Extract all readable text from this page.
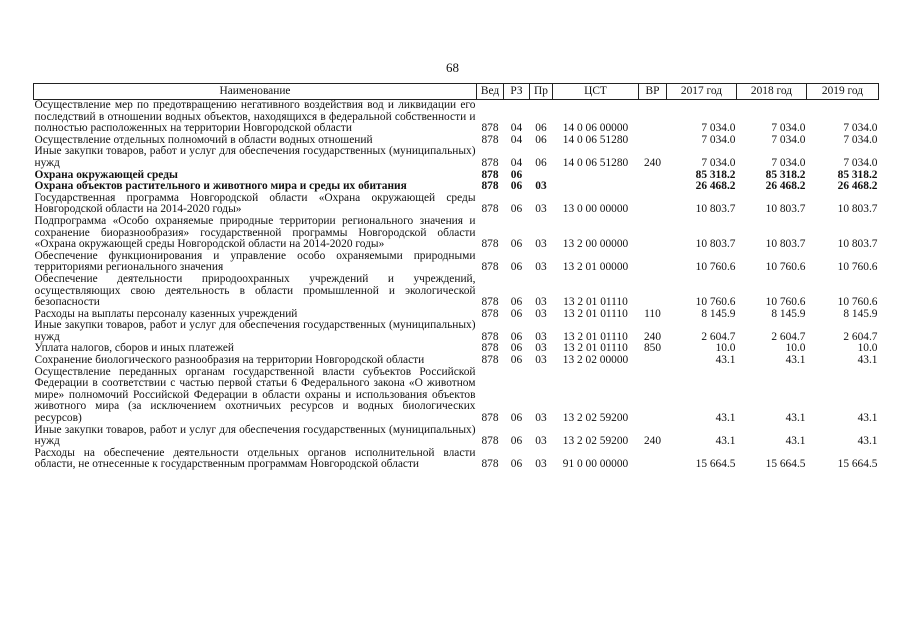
68
Наименование	Вед	РЗ	Пр	ЦСТ	ВР	2017 год	2018 год	2019 год
Осуществление мер по предотвращению негативного воздействия вод и ликвидации его последствий в отношении водных объектов, находящихся в федеральной собственности и полностью расположенных на территории Новгородской области	878	04	06	14 0 06 00000		7 034.0	7 034.0	7 034.0
Осуществление отдельных полномочий в области водных отношений	878	04	06	14 0 06 51280		7 034.0	7 034.0	7 034.0
Иные закупки товаров, работ и услуг для обеспечения государственных (муниципальных) нужд	878	04	06	14 0 06 51280	240	7 034.0	7 034.0	7 034.0
Охрана окружающей среды	878	06				85 318.2	85 318.2	85 318.2
Охрана объектов растительного и животного мира и среды их обитания	878	06	03			26 468.2	26 468.2	26 468.2
Государственная программа Новгородской области «Охрана окружающей среды Новгородской области на 2014-2020 годы»	878	06	03	13 0 00 00000		10 803.7	10 803.7	10 803.7
Подпрограмма «Особо охраняемые природные территории регионального значения и сохранение биоразнообразия» государственной программы Новгородской области «Охрана окружающей среды Новгородской области на 2014-2020 годы»	878	06	03	13 2 00 00000		10 803.7	10 803.7	10 803.7
Обеспечение функционирования и управление особо охраняемыми природными территориями регионального значения	878	06	03	13 2 01 00000		10 760.6	10 760.6	10 760.6
Обеспечение деятельности природоохранных учреждений и учреждений, осуществляющих свою деятельность в области промышленной и экологической безопасности	878	06	03	13 2 01 01110		10 760.6	10 760.6	10 760.6
Расходы на выплаты персоналу казенных учреждений	878	06	03	13 2 01 01110	110	8 145.9	8 145.9	8 145.9
Иные закупки товаров, работ и услуг для обеспечения государственных (муниципальных) нужд	878	06	03	13 2 01 01110	240	2 604.7	2 604.7	2 604.7
Уплата налогов, сборов и иных платежей	878	06	03	13 2 01 01110	850	10.0	10.0	10.0
Сохранение биологического разнообразия на территории Новгородской области	878	06	03	13 2 02 00000		43.1	43.1	43.1
Осуществление переданных органам государственной власти субъектов Российской Федерации в соответствии с частью первой статьи 6 Федерального закона «О животном мире» полномочий Российской Федерации в области охраны и использования объектов животного мира (за исключением охотничьих ресурсов и водных биологических ресурсов)	878	06	03	13 2 02 59200		43.1	43.1	43.1
Иные закупки товаров, работ и услуг для обеспечения государственных (муниципальных) нужд	878	06	03	13 2 02 59200	240	43.1	43.1	43.1
Расходы на обеспечение деятельности отдельных органов исполнительной власти области, не отнесенные к государственным программам Новгородской области	878	06	03	91 0 00 00000		15 664.5	15 664.5	15 664.5
